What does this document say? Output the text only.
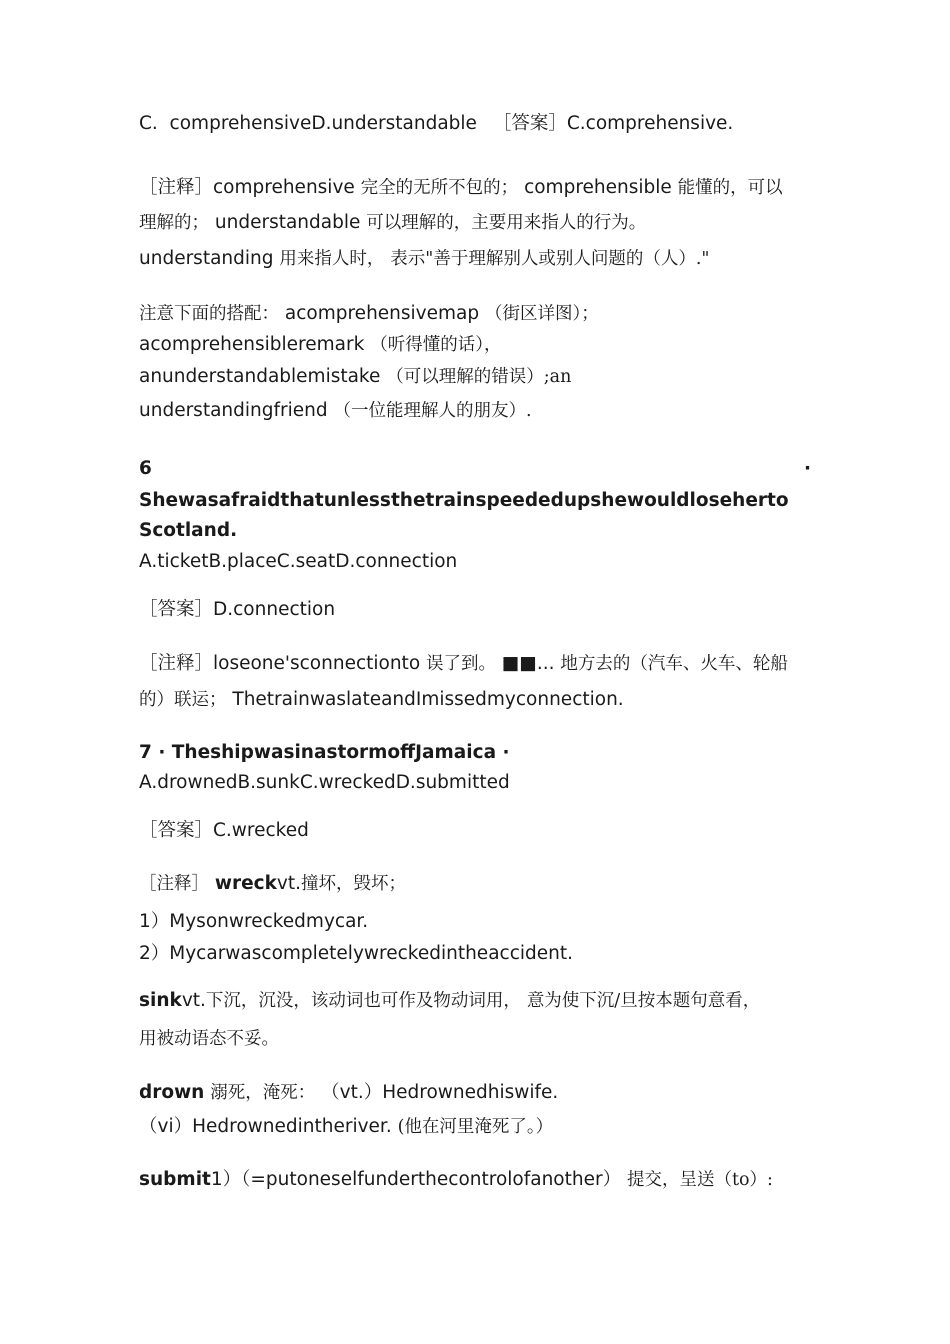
C.  comprehensiveD.understandable ［答案］C.comprehensive.
［注释］comprehensive 完全的无所不包的； comprehensible 能懂的，可以
理解的； understandable 可以理解的，主要用来指人的行为。
understanding 用来指人时， 表示"善于理解别人或别人问题的（人）."
注意下面的搭配： acomprehensivemap （街区详图）；
acomprehensibleremark （听得懂的话），
anunderstandablemistake （可以理解的错误）;an
understandingfriend （一位能理解人的朋友）.
6	·
Shewasafraidthatunlessthetrainspeededupshewouldloseherto
Scotland.
A.ticketB.placeC.seatD.connection
［答案］D.connection
［注释］loseone'sconnectionto 误了到。 ■■... 地方去的（汽车、火车、轮船
的）联运； ThetrainwaslateandImissedmyconnection.
7 · TheshipwasinastormoffJamaica ·
A.drownedB.sunkC.wreckedD.submitted
［答案］C.wrecked
［注释］ wreckvt.撞坏，毁坏；
1）Mysonwreckedmycar.
2）Mycarwascompletelywreckedintheaccident.
sinkvt.下沉，沉没，该动词也可作及物动词用， 意为使下沉/旦按本题句意看，
用被动语态不妥。
drown 溺死，淹死： （vt.）Hedrownedhiswife.
（vi）Hedrownedintheriver. (他在河里淹死了。）
submit1）（=putoneselfunderthecontrolofanother） 提交，呈送（to）:
